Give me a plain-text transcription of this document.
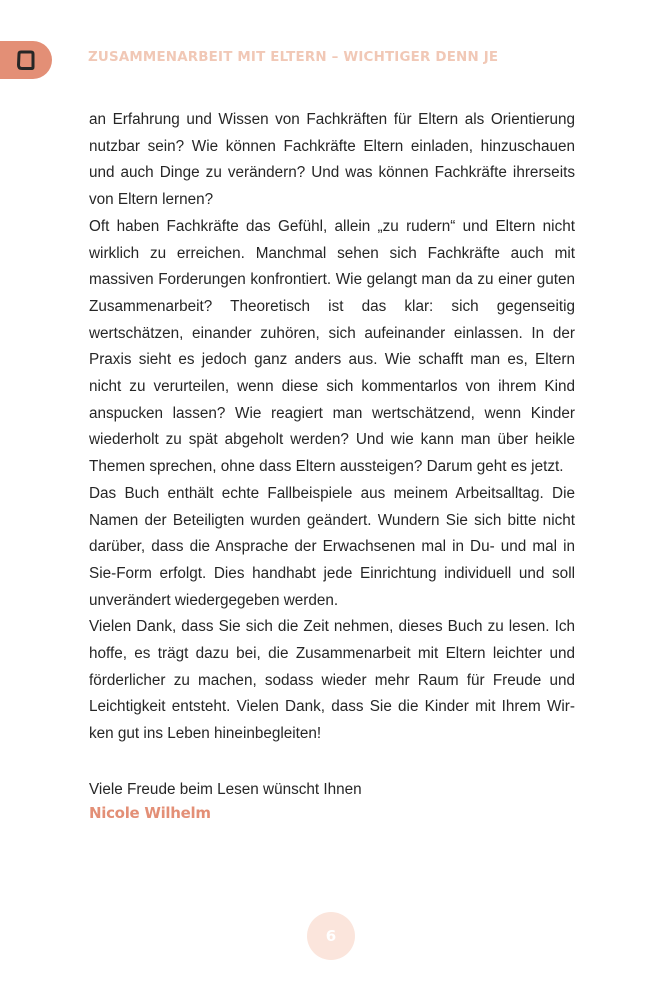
ZUSAMMENARBEIT MIT ELTERN – WICHTIGER DENN JE

an Erfahrung und Wissen von Fachkräften für Eltern als Orientierung nutzbar sein? Wie können Fachkräfte Eltern einladen, hinzuschauen und auch Dinge zu verändern? Und was können Fachkräfte ihrerseits von Eltern lernen?

Oft haben Fachkräfte das Gefühl, allein „zu rudern“ und Eltern nicht wirklich zu erreichen. Manchmal sehen sich Fachkräfte auch mit massiven Forderungen konfrontiert. Wie gelangt man da zu einer guten Zusammenarbeit? Theoretisch ist das klar: sich gegenseitig wertschätzen, einander zuhören, sich aufeinander einlassen. In der Praxis sieht es jedoch ganz anders aus. Wie schafft man es, Eltern nicht zu verurteilen, wenn diese sich kommentarlos von ihrem Kind anspucken lassen? Wie reagiert man wertschätzend, wenn Kinder wiederholt zu spät abgeholt werden? Und wie kann man über heikle Themen sprechen, ohne dass Eltern aussteigen? Darum geht es jetzt.

Das Buch enthält echte Fallbeispiele aus meinem Arbeitsalltag. Die Namen der Beteiligten wurden geändert. Wundern Sie sich bitte nicht darüber, dass die Ansprache der Erwachsenen mal in Du- und mal in Sie-Form erfolgt. Dies handhabt jede Einrichtung individuell und soll unverändert wiedergegeben werden.

Vielen Dank, dass Sie sich die Zeit nehmen, dieses Buch zu lesen. Ich hoffe, es trägt dazu bei, die Zusammenarbeit mit Eltern leichter und förderlicher zu machen, sodass wieder mehr Raum für Freude und Leichtigkeit entsteht. Vielen Dank, dass Sie die Kinder mit Ihrem Wirken gut ins Leben hineinbegleiten!

Viele Freude beim Lesen wünscht Ihnen
Nicole Wilhelm
6
